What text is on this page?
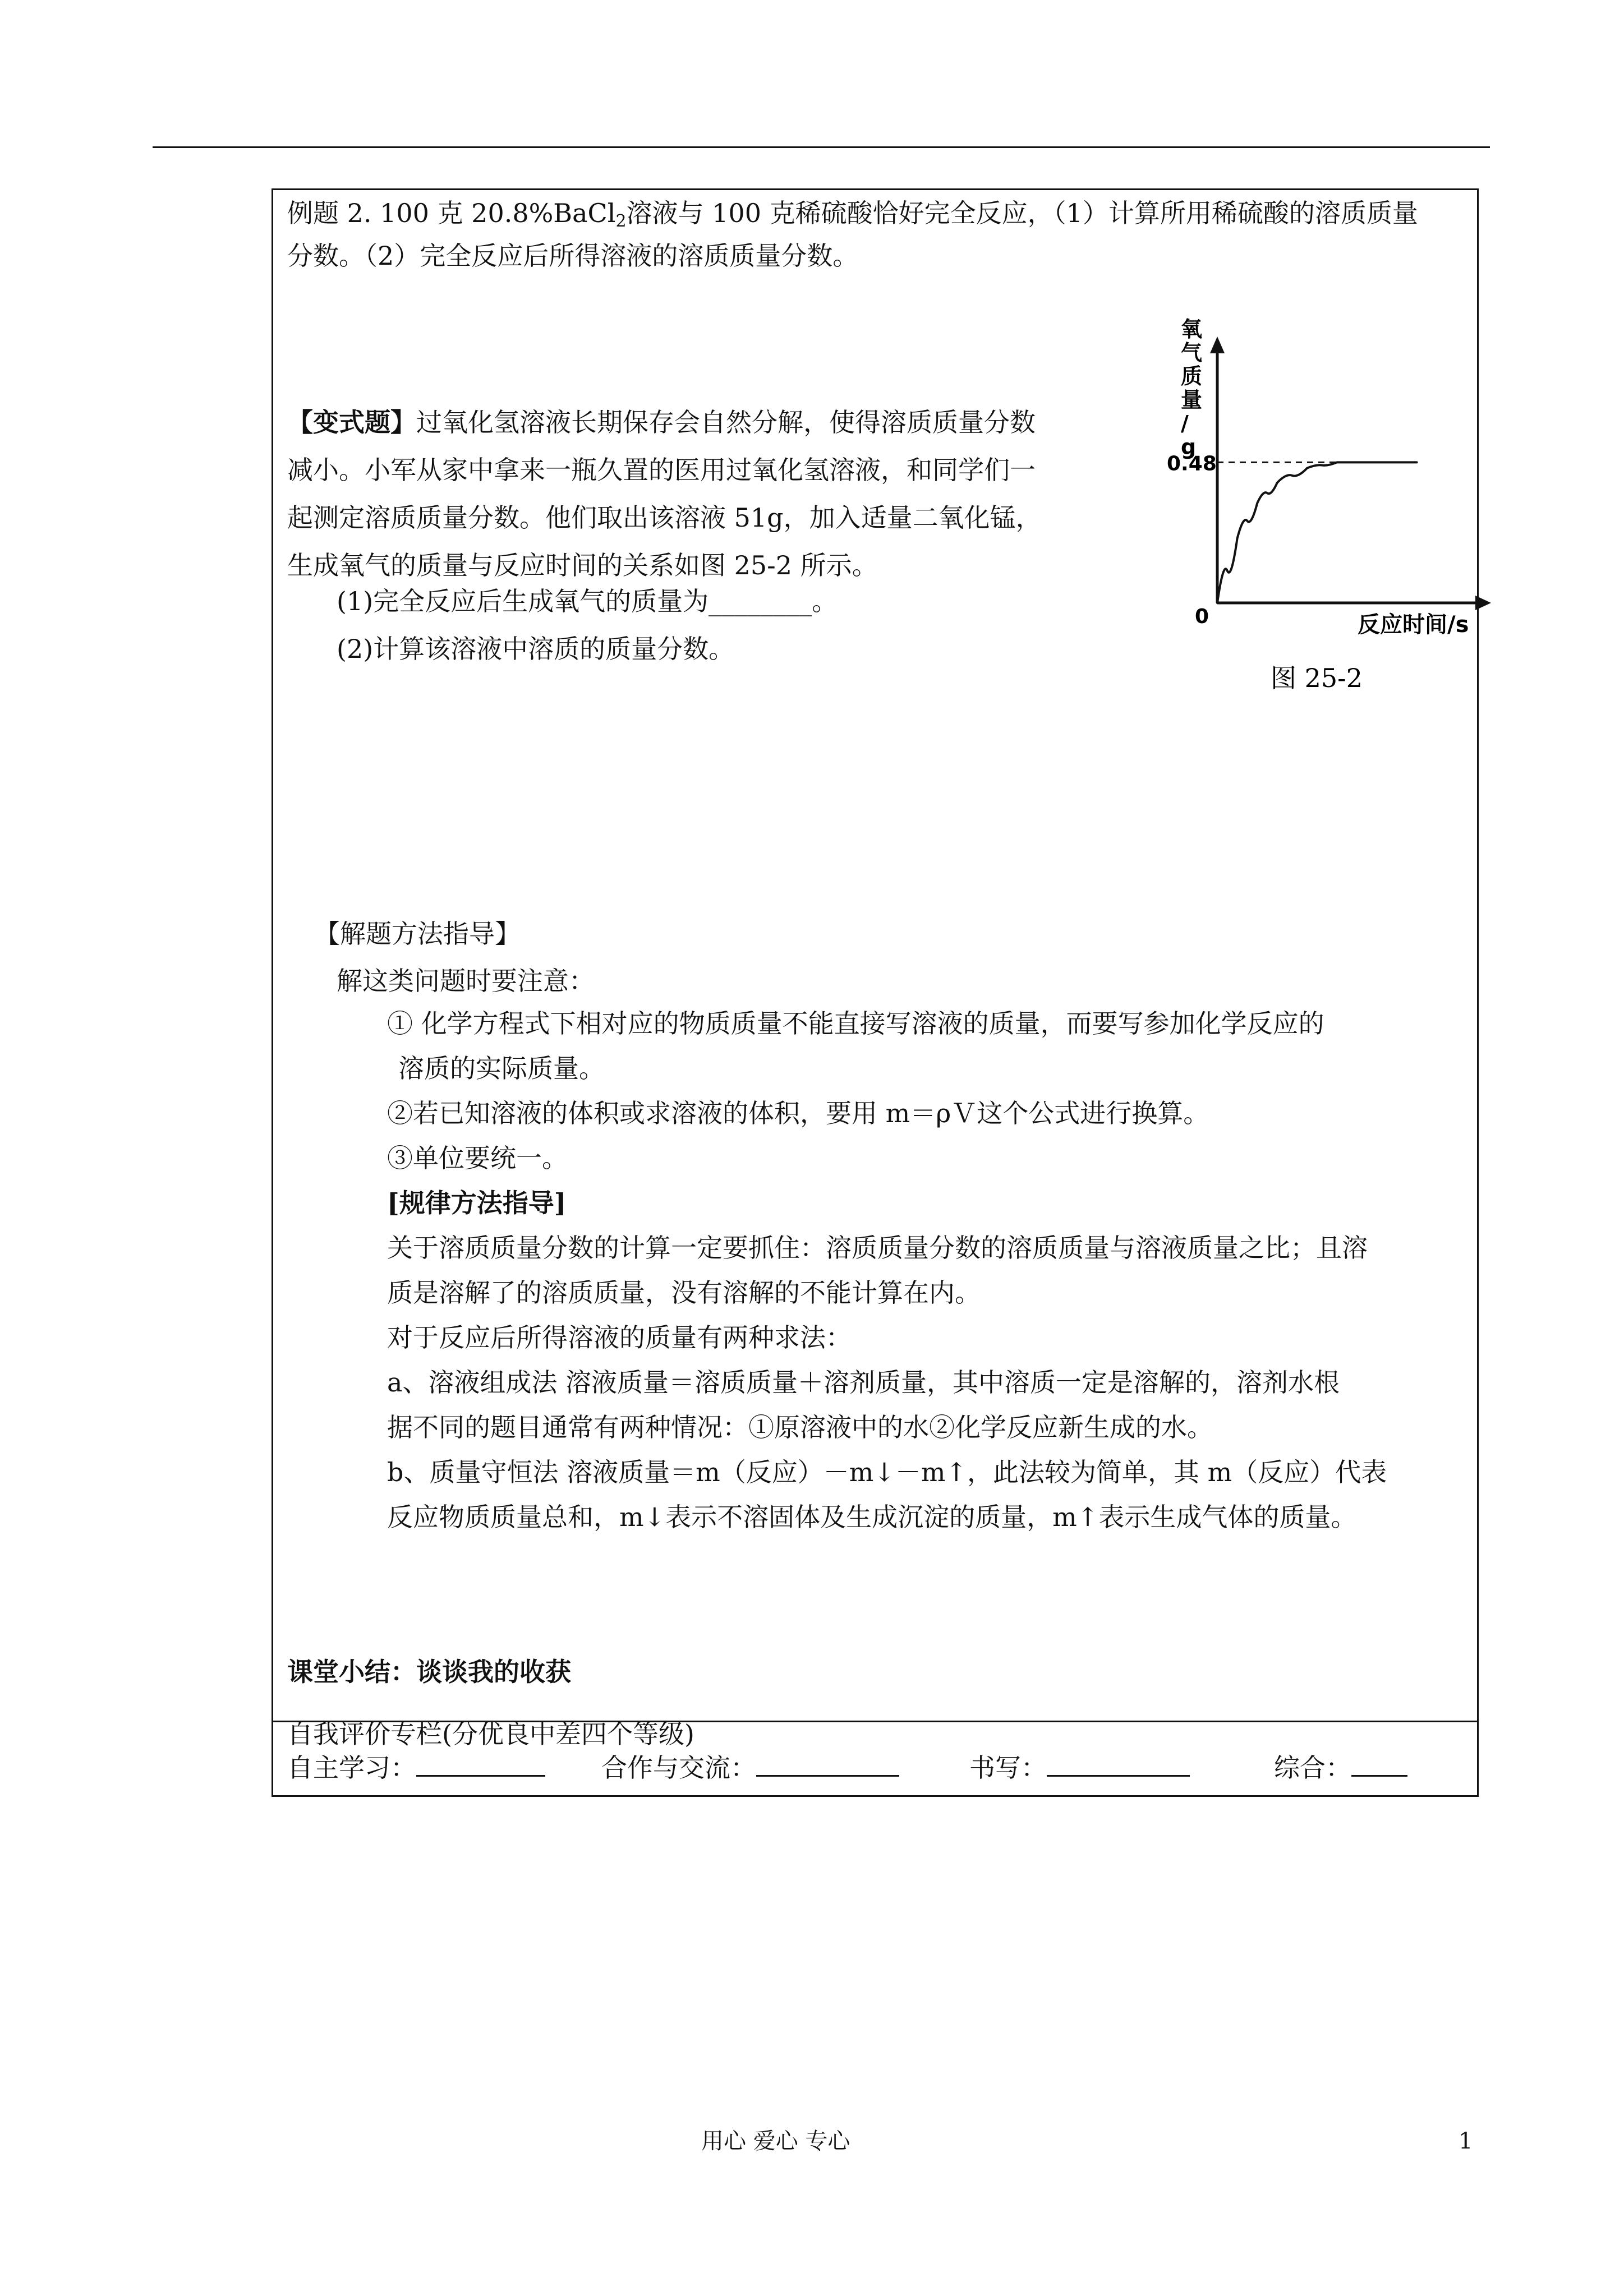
例题 2. 100 克 20.8%BaCl$_2$溶液与 100 克稀硫酸恰好完全反应，（1）计算所用稀硫酸的溶质质量
分数。（2）完全反应后所得溶液的溶质质量分数。
【变式题】过氧化氢溶液长期保存会自然分解，使得溶质质量分数
减小。小军从家中拿来一瓶久置的医用过氧化氢溶液，和同学们一
起测定溶质质量分数。他们取出该溶液 51g，加入适量二氧化锰，
生成氧气的质量与反应时间的关系如图 25-2 所示。
(1)完全反应后生成氧气的质量为________。
(2)计算该溶液中溶质的质量分数。
0.48
0	反应时间/s
氧气质量/ g
图 25-2
【解题方法指导】
解这类问题时要注意：
① 化学方程式下相对应的物质质量不能直接写溶液的质量，而要写参加化学反应的
溶质的实际质量。
②若已知溶液的体积或求溶液的体积，要用 m＝ρＶ这个公式进行换算。
③单位要统一。
[规律方法指导]
关于溶质质量分数的计算一定要抓住：溶质质量分数的溶质质量与溶液质量之比；且溶
质是溶解了的溶质质量，没有溶解的不能计算在内。
对于反应后所得溶液的质量有两种求法：
a、溶液组成法 溶液质量＝溶质质量＋溶剂质量，其中溶质一定是溶解的，溶剂水根
据不同的题目通常有两种情况：①原溶液中的水②化学反应新生成的水。
b、质量守恒法 溶液质量＝m（反应）－m↓－m↑，此法较为简单，其 m（反应）代表
反应物质质量总和，m↓表示不溶固体及生成沉淀的质量，m↑表示生成气体的质量。
课堂小结：谈谈我的收获
自我评价专栏(分优良中差四个等级)
自主学习：	合作与交流：	书写：	综合：
用心 爱心 专心	1
